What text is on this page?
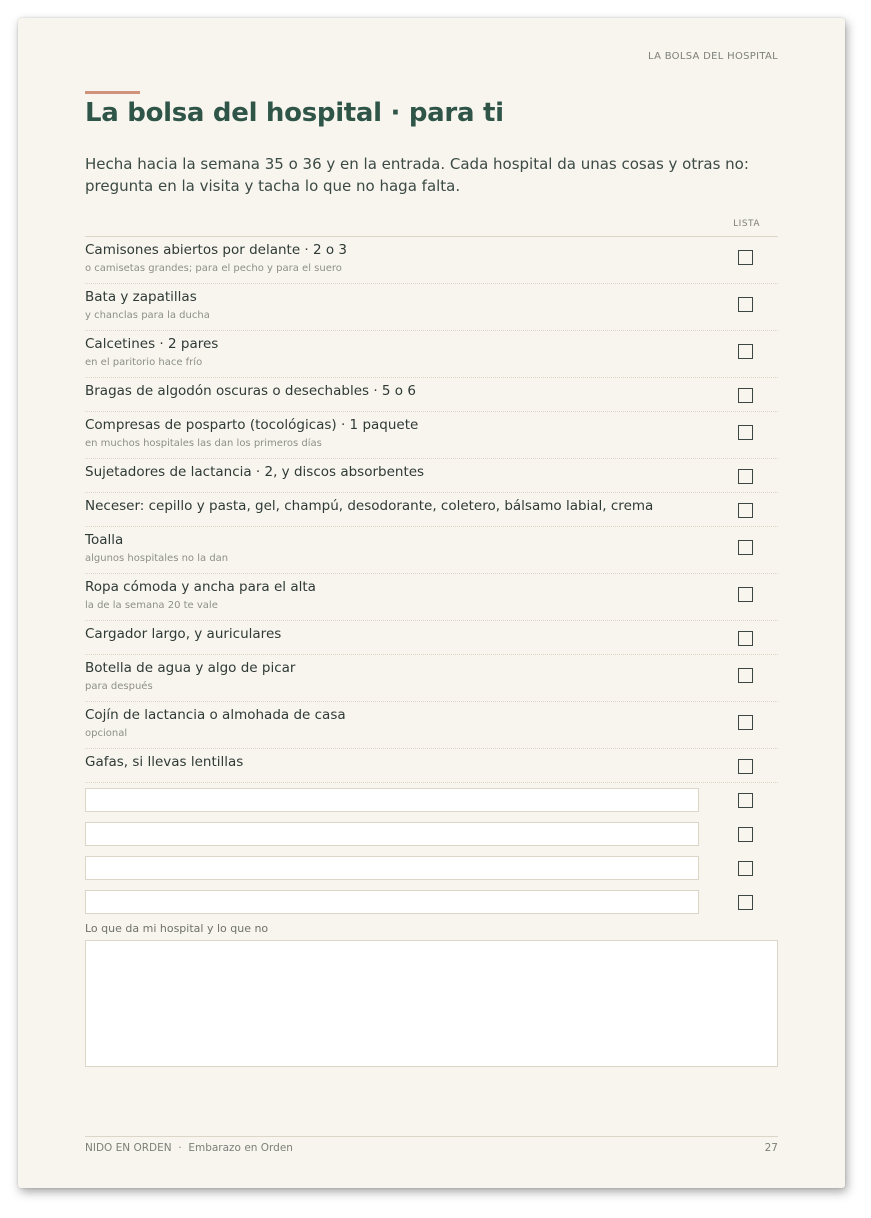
LA BOLSA DEL HOSPITAL
La bolsa del hospital · para ti
Hecha hacia la semana 35 o 36 y en la entrada. Cada hospital da unas cosas y otras no: pregunta en la visita y tacha lo que no haga falta.
LISTA
Camisones abiertos por delante · 2 o 3
o camisetas grandes; para el pecho y para el suero
Bata y zapatillas
y chanclas para la ducha
Calcetines · 2 pares
en el paritorio hace frío
Bragas de algodón oscuras o desechables · 5 o 6
Compresas de posparto (tocológicas) · 1 paquete
en muchos hospitales las dan los primeros días
Sujetadores de lactancia · 2, y discos absorbentes
Neceser: cepillo y pasta, gel, champú, desodorante, coletero, bálsamo labial, crema
Toalla
algunos hospitales no la dan
Ropa cómoda y ancha para el alta
la de la semana 20 te vale
Cargador largo, y auriculares
Botella de agua y algo de picar
para después
Cojín de lactancia o almohada de casa
opcional
Gafas, si llevas lentillas
Lo que da mi hospital y lo que no
NIDO EN ORDEN · Embarazo en Orden	27
